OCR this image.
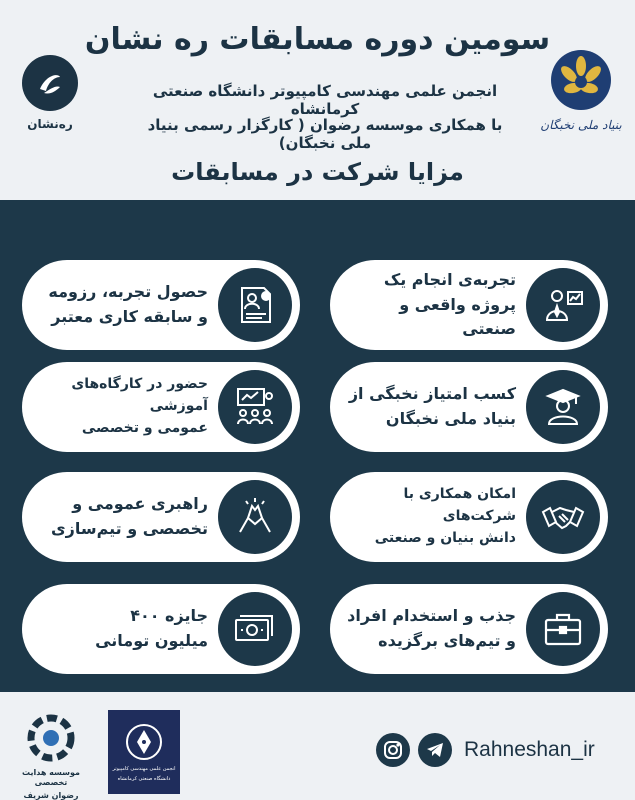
ره‌نشان
سومین دوره مسابقات ره نشان
انجمن علمی مهندسی کامپیوتر دانشگاه صنعتی کرمانشاه
با همکاری موسسه رضوان ( کارگزار رسمی بنیاد ملی نخبگان)
بنیاد ملی نخبگان
مزایا شرکت در مسابقات
تجربه‌ی انجام یک
پروژه واقعی و صنعتی
حصول تجربه، رزومه
و سابقه کاری معتبر
کسب امتیاز نخبگی از
بنیاد ملی نخبگان
حضور در کارگاه‌های آموزشی
عمومی و تخصصی
امکان همکاری با شرکت‌های
دانش بنیان و صنعتی
راهبری عمومی و
تخصصی و تیم‌سازی
جذب و استخدام افراد
و تیم‌های برگزیده
جایزه ۴۰۰
میلیون تومانی
موسسه هدایت تخصصی
رضوان شریف
انجمن علمی مهندسی کامپیوتر
دانشگاه صنعتی کرمانشاه
Rahneshan_ir
